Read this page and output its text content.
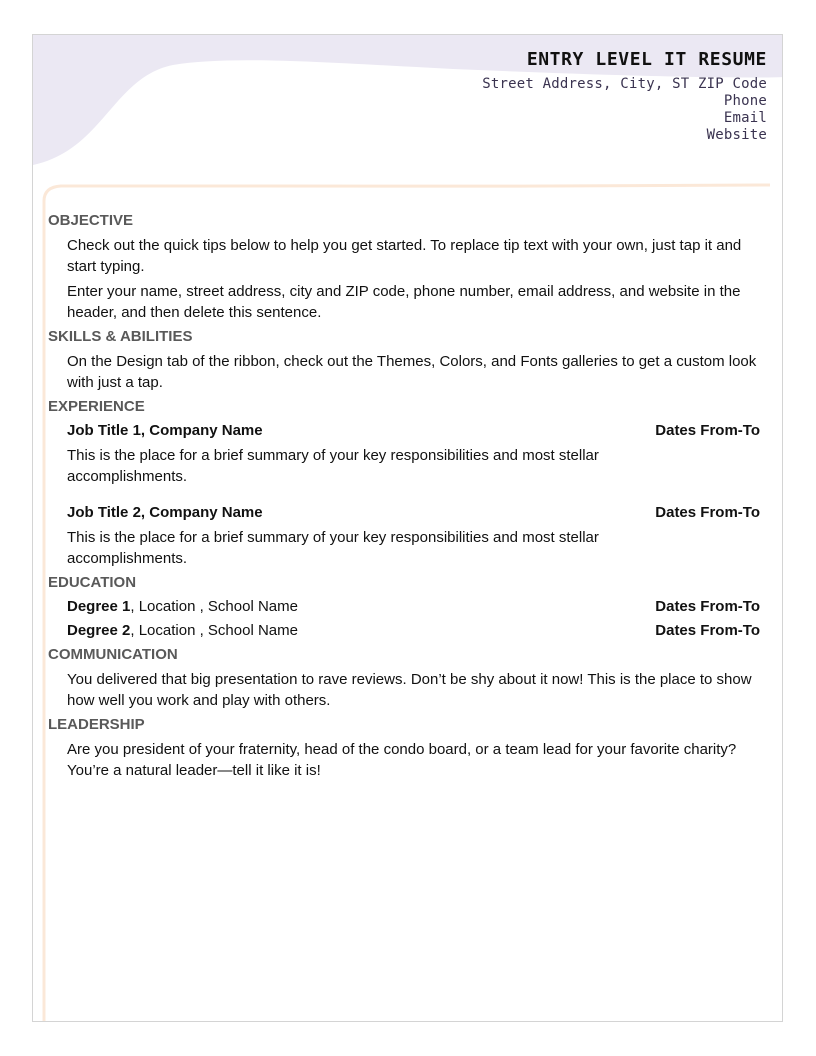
ENTRY LEVEL IT RESUME
Street Address, City, ST ZIP Code
Phone
Email
Website
OBJECTIVE
Check out the quick tips below to help you get started. To replace tip text with your own, just tap it and start typing.
Enter your name, street address, city and ZIP code, phone number, email address, and website in the header, and then delete this sentence.
SKILLS & ABILITIES
On the Design tab of the ribbon, check out the Themes, Colors, and Fonts galleries to get a custom look with just a tap.
EXPERIENCE
Job Title 1, Company Name	Dates From-To
This is the place for a brief summary of your key responsibilities and most stellar accomplishments.
Job Title 2, Company Name	Dates From-To
This is the place for a brief summary of your key responsibilities and most stellar accomplishments.
EDUCATION
Degree 1, Location , School Name	Dates From-To
Degree 2, Location , School Name	Dates From-To
COMMUNICATION
You delivered that big presentation to rave reviews. Don’t be shy about it now! This is the place to show how well you work and play with others.
LEADERSHIP
Are you president of your fraternity, head of the condo board, or a team lead for your favorite charity? You’re a natural leader—tell it like it is!
